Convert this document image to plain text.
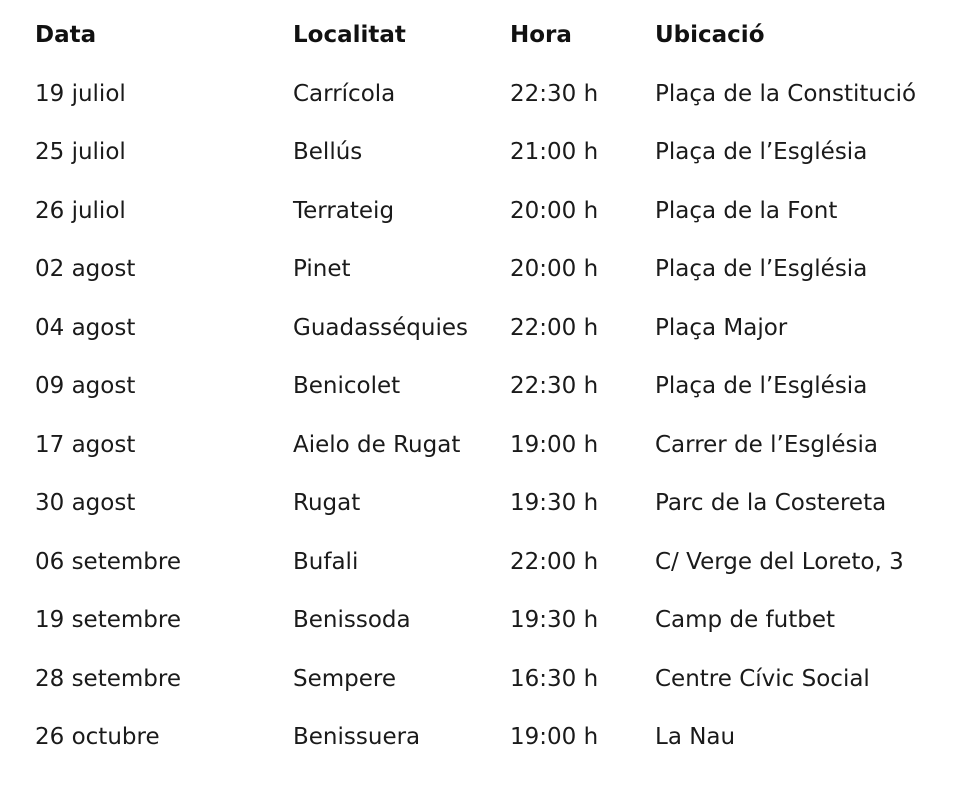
Data	Localitat	Hora	Ubicació
19 juliol	Carrícola	22:30 h Plaça de la Constitució
25 juliol	Bellús	21:00 h Plaça de l’Església
26 juliol	Terrateig	20:00 h Plaça de la Font
02 agost	Pinet	20:00 h Plaça de l’Església
04 agost	Guadasséquies 22:00 h Plaça Major
09 agost	Benicolet	22:30 h Plaça de l’Església
17 agost	Aielo de Rugat 19:00 h Carrer de l’Església
30 agost	Rugat	19:30 h Parc de la Costereta
06 setembre	Bufali	22:00 h C/ Verge del Loreto, 3
19 setembre	Benissoda	19:30 h Camp de futbet
28 setembre	Sempere	16:30 h Centre Cívic Social
26 octubre	Benissuera	19:00 h La Nau
